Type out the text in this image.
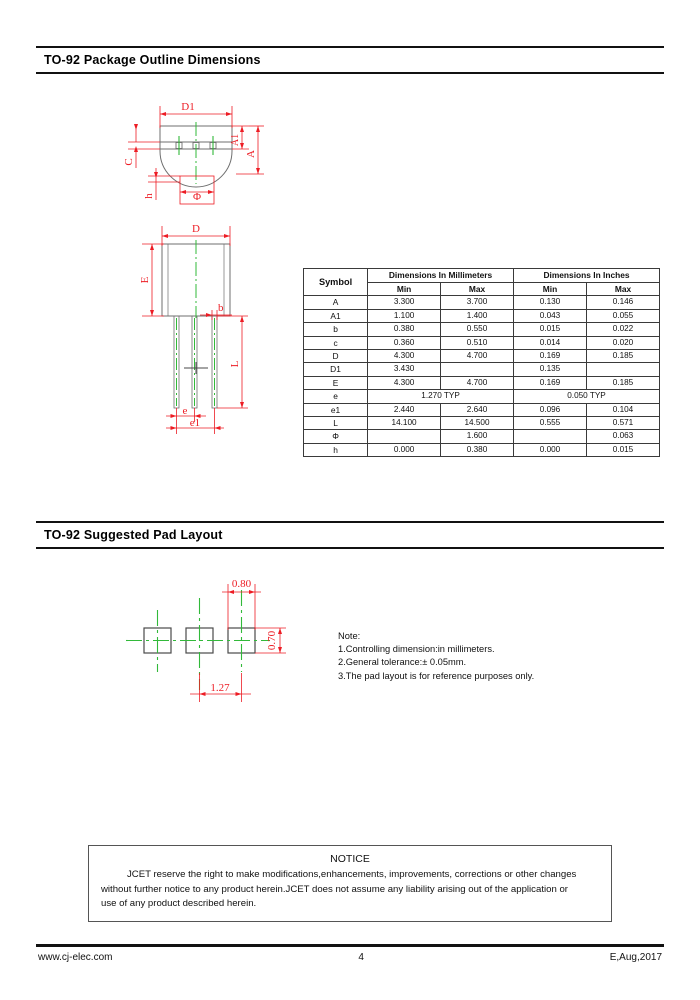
TO-92 Package Outline Dimensions
D1
A1
A
C
h	Φ
D
E
b
L
e
e1
Symbol	Dimensions In Millimeters		Dimensions In Inches	
	Min	Max	Min	Max
A	3.300	3.700	0.130	0.146
A1	1.100	1.400	0.043	0.055
b	0.380	0.550	0.015	0.022
c	0.360	0.510	0.014	0.020
D	4.300	4.700	0.169	0.185
D1	3.430		0.135	
E	4.300	4.700	0.169	0.185
e	1.270 TYP		0.050 TYP	
e1	2.440	2.640	0.096	0.104
L	14.100	14.500	0.555	0.571
Φ		1.600		0.063
h	0.000	0.380	0.000	0.015
TO-92 Suggested Pad Layout
0.80
0.70
1.27
Note:
1.Controlling dimension:in millimeters.
2.General tolerance:± 0.05mm.
3.The pad layout is for reference purposes only.
NOTICE
JCET reserve the right to make modifications,enhancements, improvements, corrections or other changes
without further notice to any product herein.JCET does not assume any liability arising out of the application or
use of any product described herein.
www.cj-elec.com	4	E,Aug,2017
